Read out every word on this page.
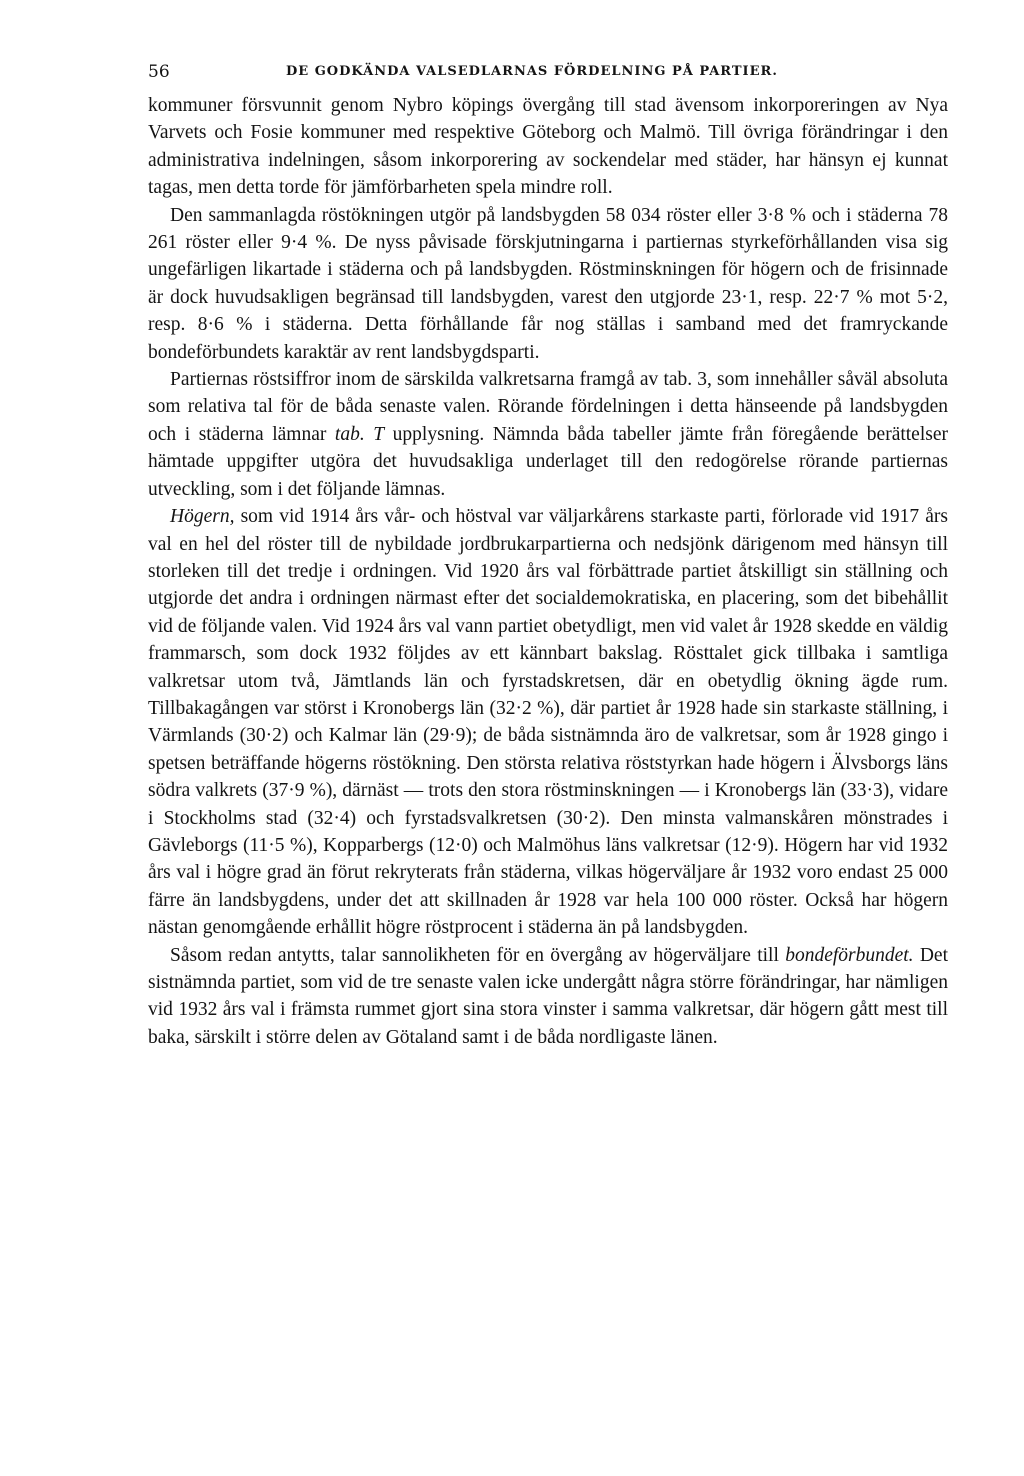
56	DE GODKÄNDA VALSEDLARNAS FÖRDELNING PÅ PARTIER.

kommuner försvunnit genom Nybro köpings övergång till stad ävensom inkorporeringen av Nya Varvets och Fosie kommuner med respektive Göteborg och Malmö. Till övriga förändringar i den administrativa indelningen, såsom inkorporering av sockendelar med städer, har hänsyn ej kunnat tagas, men detta torde för jämförbarheten spela mindre roll.

Den sammanlagda röstökningen utgör på landsbygden 58 034 röster eller 3·8 % och i städerna 78 261 röster eller 9·4 %. De nyss påvisade förskjutningarna i partiernas styrkeförhållanden visa sig ungefärligen likartade i städerna och på landsbygden. Röstminskningen för högern och de frisinnade är dock huvudsakligen begränsad till landsbygden, varest den utgjorde 23·1, resp. 22·7 % mot 5·2, resp. 8·6 % i städerna. Detta förhållande får nog ställas i samband med det framryckande bondeförbundets karaktär av rent landsbygdsparti.

Partiernas röstsiffror inom de särskilda valkretsarna framgå av tab. 3, som innehåller såväl absoluta som relativa tal för de båda senaste valen. Rörande fördelningen i detta hänseende på landsbygden och i städerna lämnar tab. T upplysning. Nämnda båda tabeller jämte från föregående berättelser hämtade uppgifter utgöra det huvudsakliga underlaget till den redogörelse rörande partiernas utveckling, som i det följande lämnas.

Högern, som vid 1914 års vår- och höstval var väljarkårens starkaste parti, förlorade vid 1917 års val en hel del röster till de nybildade jordbrukarpartierna och nedsjönk därigenom med hänsyn till storleken till det tredje i ordningen. Vid 1920 års val förbättrade partiet åtskilligt sin ställning och utgjorde det andra i ordningen närmast efter det socialdemokratiska, en placering, som det bibehållit vid de följande valen. Vid 1924 års val vann partiet obetydligt, men vid valet år 1928 skedde en väldig frammarsch, som dock 1932 följdes av ett kännbart bakslag. Rösttalet gick tillbaka i samtliga valkretsar utom två, Jämtlands län och fyrstadskretsen, där en obetydlig ökning ägde rum. Tillbakagången var störst i Kronobergs län (32·2 %), där partiet år 1928 hade sin starkaste ställning, i Värmlands (30·2) och Kalmar län (29·9); de båda sistnämnda äro de valkretsar, som år 1928 gingo i spetsen beträffande högerns röstökning. Den största relativa röststyrkan hade högern i Älvsborgs läns södra valkrets (37·9 %), därnäst — trots den stora röstminskningen — i Kronobergs län (33·3), vidare i Stockholms stad (32·4) och fyrstadsvalkretsen (30·2). Den minsta valmanskåren mönstrades i Gävleborgs (11·5 %), Kopparbergs (12·0) och Malmöhus läns valkretsar (12·9). Högern har vid 1932 års val i högre grad än förut rekryterats från städerna, vilkas högerväljare år 1932 voro endast 25 000 färre än landsbygdens, under det att skillnaden år 1928 var hela 100 000 röster. Också har högern nästan genomgående erhållit högre röstprocent i städerna än på landsbygden.

Såsom redan antytts, talar sannolikheten för en övergång av högerväljare till bondeförbundet. Det sistnämnda partiet, som vid de tre senaste valen icke undergått några större förändringar, har nämligen vid 1932 års val i främsta rummet gjort sina stora vinster i samma valkretsar, där högern gått mest till baka, särskilt i större delen av Götaland samt i de båda nordligaste länen.
